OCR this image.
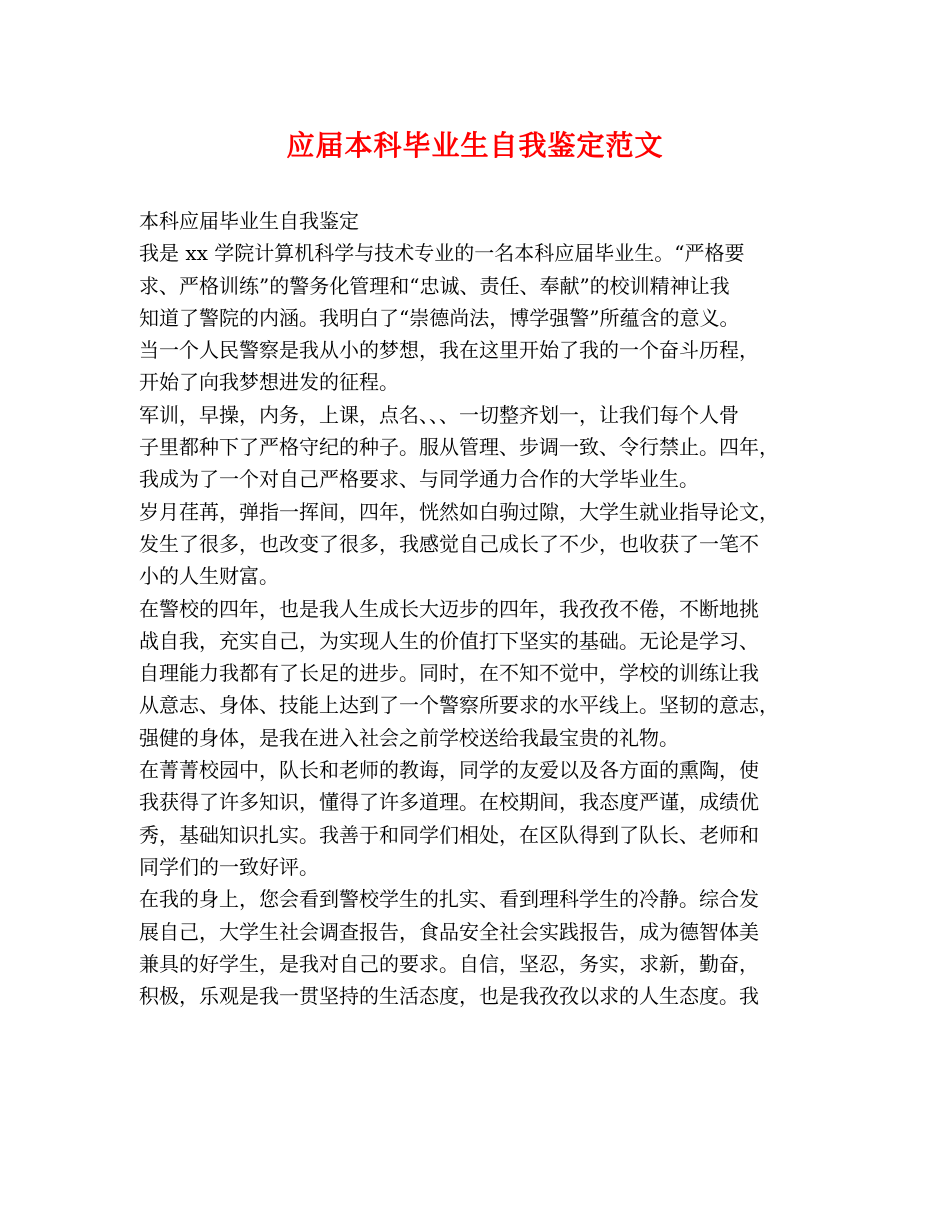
应届本科毕业生自我鉴定范文
本科应届毕业生自我鉴定
我是 xx 学院计算机科学与技术专业的一名本科应届毕业生。“严格要
求、严格训练”的警务化管理和“忠诚、责任、奉献”的校训精神让我
知道了警院的内涵。我明白了“崇德尚法，博学强警”所蕴含的意义。
当一个人民警察是我从小的梦想，我在这里开始了我的一个奋斗历程，
开始了向我梦想进发的征程。
军训，早操，内务，上课，点名、、、一切整齐划一，让我们每个人骨
子里都种下了严格守纪的种子。服从管理、步调一致、令行禁止。四年，
我成为了一个对自己严格要求、与同学通力合作的大学毕业生。
岁月荏苒，弹指一挥间，四年，恍然如白驹过隙，大学生就业指导论文，
发生了很多，也改变了很多，我感觉自己成长了不少，也收获了一笔不
小的人生财富。
在警校的四年，也是我人生成长大迈步的四年，我孜孜不倦，不断地挑
战自我，充实自己，为实现人生的价值打下坚实的基础。无论是学习、
自理能力我都有了长足的进步。同时，在不知不觉中，学校的训练让我
从意志、身体、技能上达到了一个警察所要求的水平线上。坚韧的意志，
强健的身体，是我在进入社会之前学校送给我最宝贵的礼物。
在菁菁校园中，队长和老师的教诲，同学的友爱以及各方面的熏陶，使
我获得了许多知识，懂得了许多道理。在校期间，我态度严谨，成绩优
秀，基础知识扎实。我善于和同学们相处，在区队得到了队长、老师和
同学们的一致好评。
在我的身上，您会看到警校学生的扎实、看到理科学生的冷静。综合发
展自己，大学生社会调查报告，食品安全社会实践报告，成为德智体美
兼具的好学生，是我对自己的要求。自信，坚忍，务实，求新，勤奋，
积极，乐观是我一贯坚持的生活态度，也是我孜孜以求的人生态度。我
